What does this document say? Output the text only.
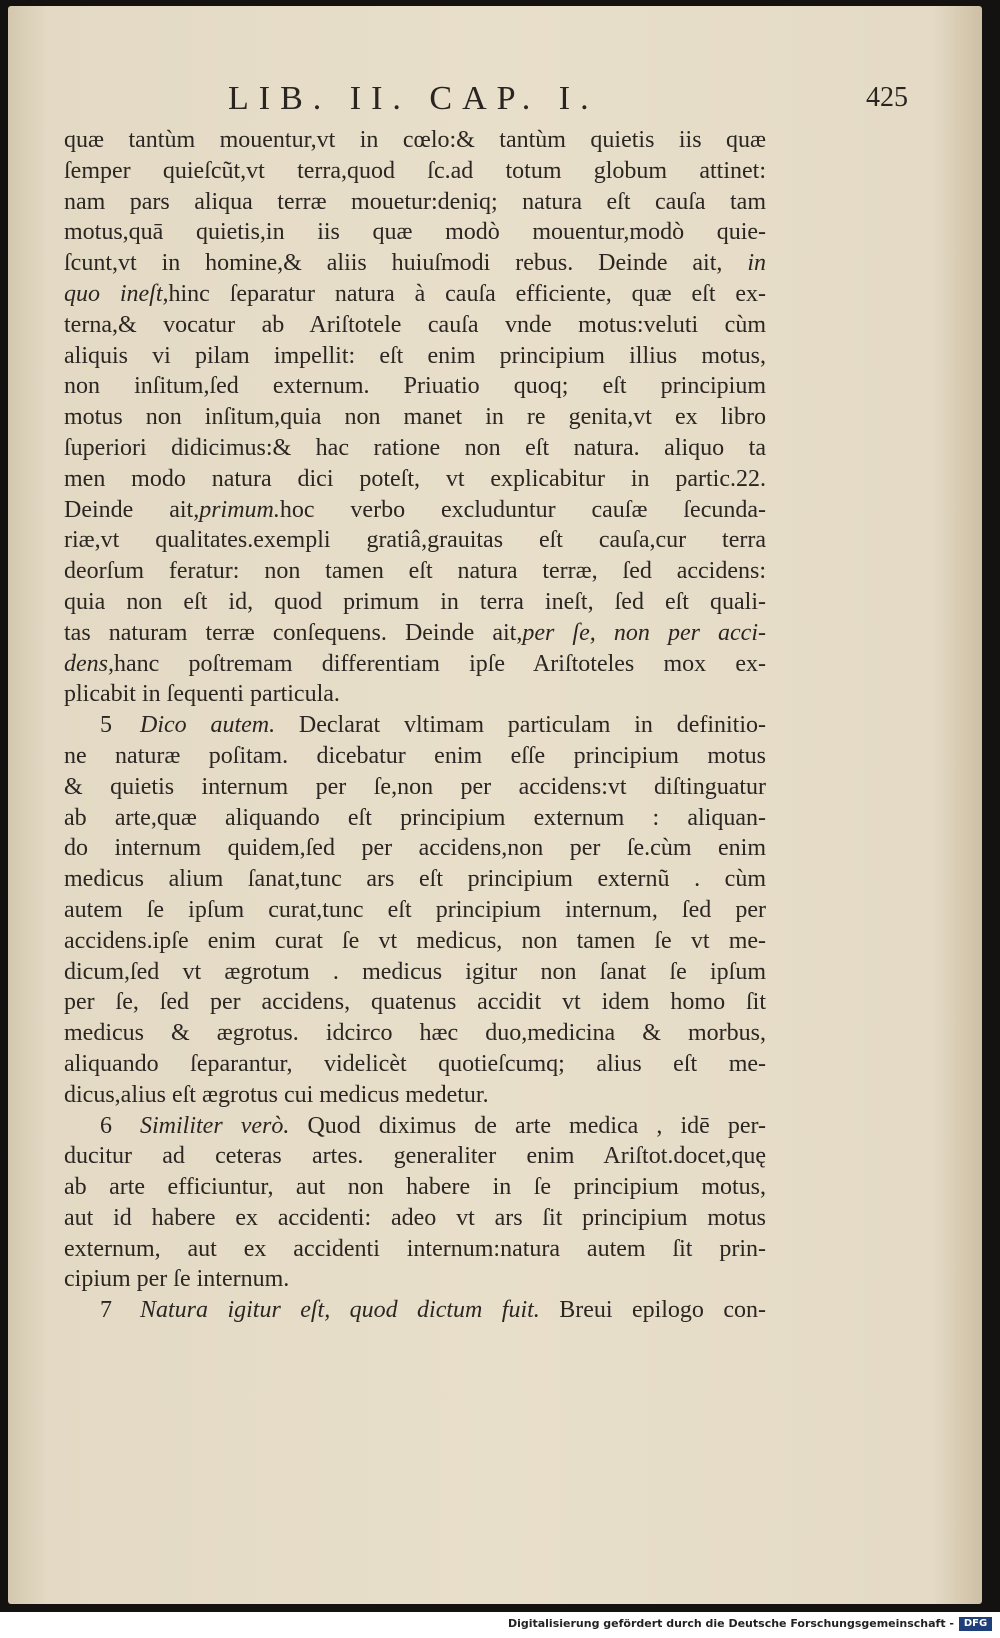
LIB. II. CAP. I.	425
quæ tantùm mouentur,vt in cœlo:& tantùm quietis iis quæ
ſemper quieſcũt,vt terra,quod ſc.ad totum globum attinet:
nam pars aliqua terræ mouetur:deniq; natura eſt cauſa tam
motus,quā quietis,in iis quæ modò mouentur,modò quie-
ſcunt,vt in homine,& aliis huiuſmodi rebus. Deinde ait, in
quo ineſt,hinc ſeparatur natura à cauſa efficiente, quæ eſt ex-
terna,& vocatur ab Ariſtotele cauſa vnde motus:veluti cùm
aliquis vi pilam impellit: eſt enim principium illius motus,
non inſitum,ſed externum. Priuatio quoq; eſt principium
motus non inſitum,quia non manet in re genita,vt ex libro
ſuperiori didicimus:& hac ratione non eſt natura. aliquo ta
men modo natura dici poteſt, vt explicabitur in partic.22.
Deinde ait,primum.hoc verbo excluduntur cauſæ ſecunda-
riæ,vt qualitates.exempli gratiâ,grauitas eſt cauſa,cur terra
deorſum feratur: non tamen eſt natura terræ, ſed accidens:
quia non eſt id, quod primum in terra ineſt, ſed eſt quali-
tas naturam terræ conſequens. Deinde ait,per ſe, non per acci-
dens,hanc poſtremam differentiam ipſe Ariſtoteles mox ex-
plicabit in ſequenti particula.
5 Dico autem. Declarat vltimam particulam in definitio-
ne naturæ poſitam. dicebatur enim eſſe principium motus
& quietis internum per ſe,non per accidens:vt diſtinguatur
ab arte,quæ aliquando eſt principium externum : aliquan-
do internum quidem,ſed per accidens,non per ſe.cùm enim
medicus alium ſanat,tunc ars eſt principium externũ . cùm
autem ſe ipſum curat,tunc eſt principium internum, ſed per
accidens.ipſe enim curat ſe vt medicus, non tamen ſe vt me-
dicum,ſed vt ægrotum . medicus igitur non ſanat ſe ipſum
per ſe, ſed per accidens, quatenus accidit vt idem homo ſit
medicus & ægrotus. idcirco hæc duo,medicina & morbus,
aliquando ſeparantur, videlicèt quotieſcumq; alius eſt me-
dicus,alius eſt ægrotus cui medicus medetur.
6 Similiter verò. Quod diximus de arte medica , idē per-
ducitur ad ceteras artes. generaliter enim Ariſtot.docet,quę
ab arte efficiuntur, aut non habere in ſe principium motus,
aut id habere ex accidenti: adeo vt ars ſit principium motus
externum, aut ex accidenti internum:natura autem ſit prin-
cipium per ſe internum.
7 Natura igitur eſt, quod dictum fuit. Breui epilogo con-
Digitalisierung gefördert durch die Deutsche Forschungsgemeinschaft - DFG
